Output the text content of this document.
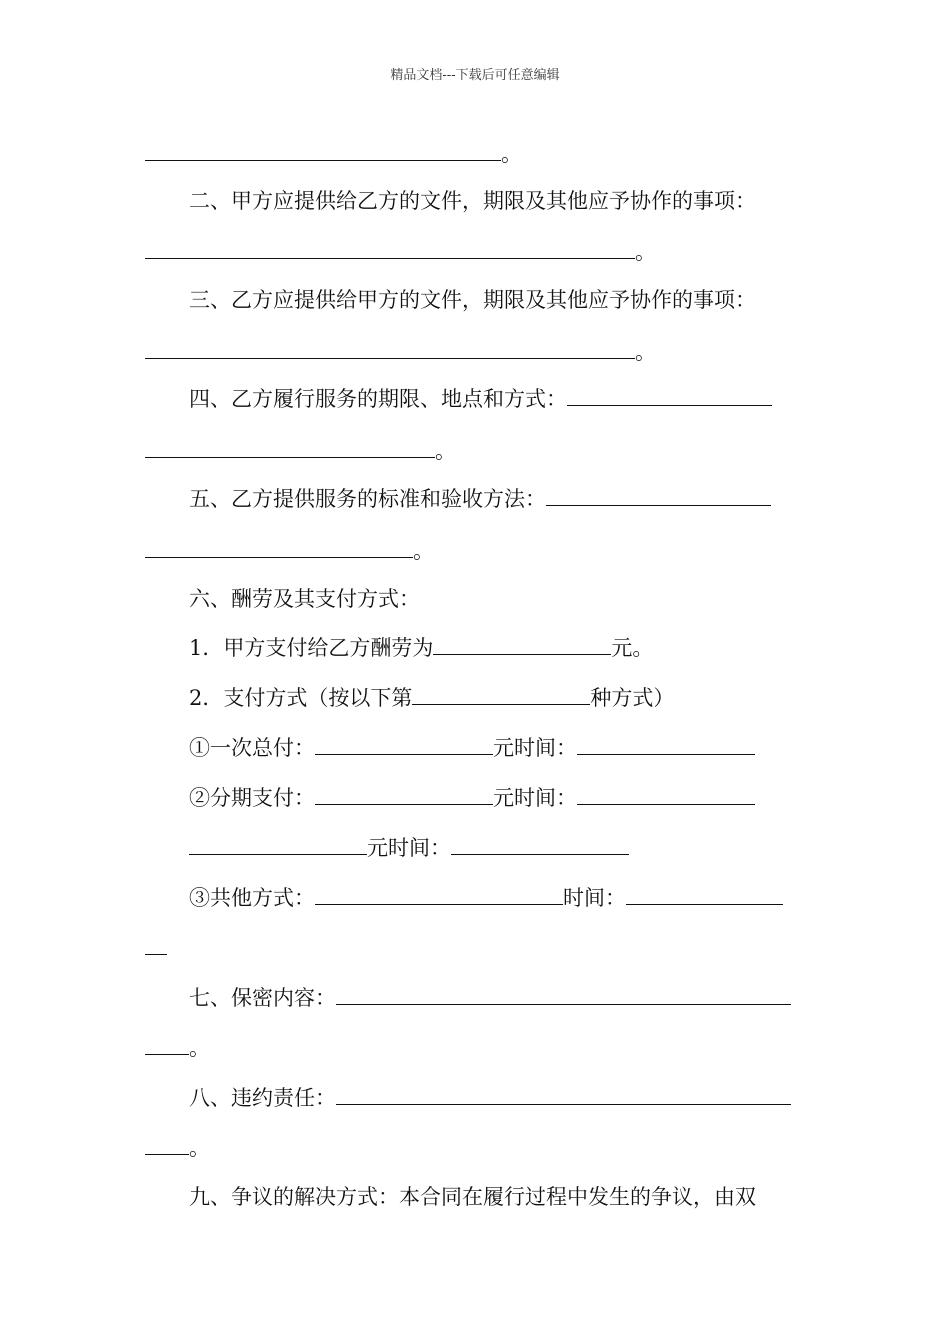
精品文档---下载后可任意编辑
。
二、甲方应提供给乙方的文件，期限及其他应予协作的事项：
。
三、乙方应提供给甲方的文件，期限及其他应予协作的事项：
。
四、乙方履行服务的期限、地点和方式：
。
五、乙方提供服务的标准和验收方法：
。
六、酬劳及其支付方式：
1．甲方支付给乙方酬劳为	元。
2．支付方式（按以下第	种方式）
①一次总付：	元时间：
②分期支付：	元时间：
元时间：
③共他方式：	时间：
七、保密内容：
。
八、违约责任：
。
九、争议的解决方式：本合同在履行过程中发生的争议，由双
